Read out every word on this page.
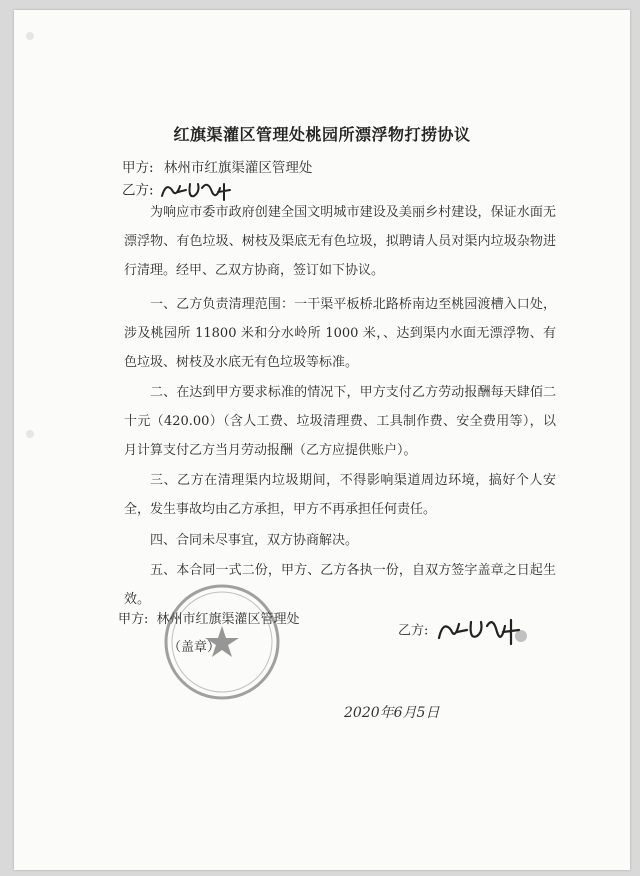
红旗渠灌区管理处桃园所漂浮物打捞协议
甲方: 林州市红旗渠灌区管理处
乙方:
为响应市委市政府创建全国文明城市建设及美丽乡村建设，保证水面无漂浮物、有色垃圾、树枝及渠底无有色垃圾，拟聘请人员对渠内垃圾杂物进行清理。经甲、乙双方协商，签订如下协议。
一、乙方负责清理范围：一干渠平板桥北路桥南边至桃园渡槽入口处，涉及桃园所 11800 米和分水岭所 1000 米，、达到渠内水面无漂浮物、有色垃圾、树枝及水底无有色垃圾等标准。
二、在达到甲方要求标准的情况下，甲方支付乙方劳动报酬每天肆佰二十元（420.00）（含人工费、垃圾清理费、工具制作费、安全费用等），以月计算支付乙方当月劳动报酬（乙方应提供账户）。
三、乙方在清理渠内垃圾期间，不得影响渠道周边环境，搞好个人安全，发生事故均由乙方承担，甲方不再承担任何责任。
四、合同未尽事宜，双方协商解决。
五、本合同一式二份，甲方、乙方各执一份，自双方签字盖章之日起生效。
甲方: 林州市红旗渠灌区管理处
（盖章）
乙方:
2020年6月5日
